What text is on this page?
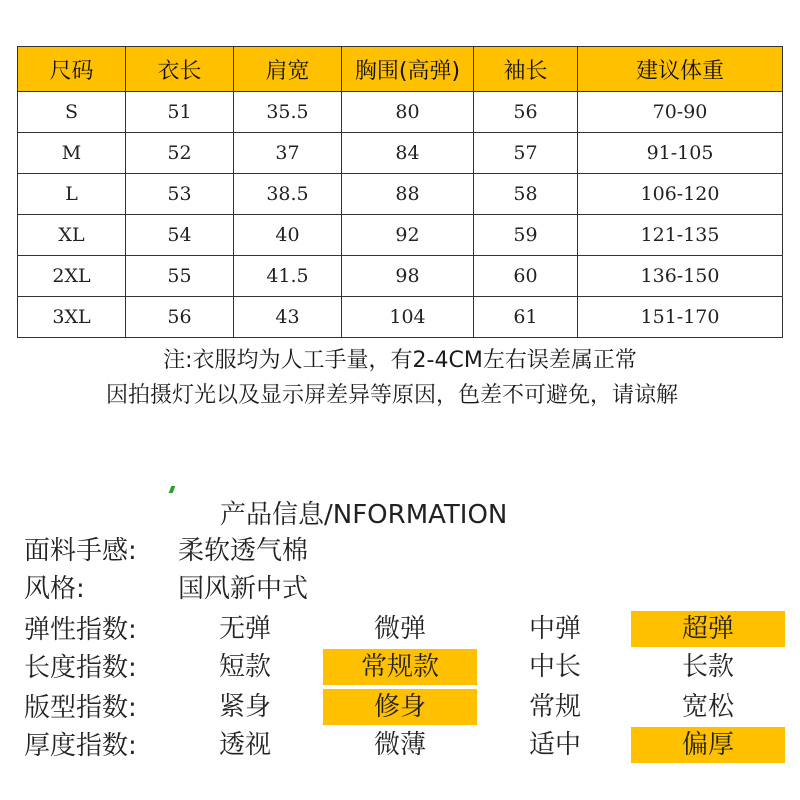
尺码	衣长	肩宽	胸围(高弹)	袖长	建议体重
S	51	35.5	80	56	70-90
M	52	37	84	57	91-105
L	53	38.5	88	58	106-120
XL	54	40	92	59	121-135
2XL	55	41.5	98	60	136-150
3XL	56	43	104	61	151-170
注:衣服均为人工手量，有2-4CM左右误差属正常
因拍摄灯光以及显示屏差异等原因，色差不可避免，请谅解
产品信息/NFORMATION
面料手感: 柔软透气棉
风格:	国风新中式
弹性指数:	无弹	微弹	中弹	超弹
长度指数:	短款	常规款	中长	长款
版型指数:	紧身	修身	常规	宽松
厚度指数:	透视	微薄	适中	偏厚
